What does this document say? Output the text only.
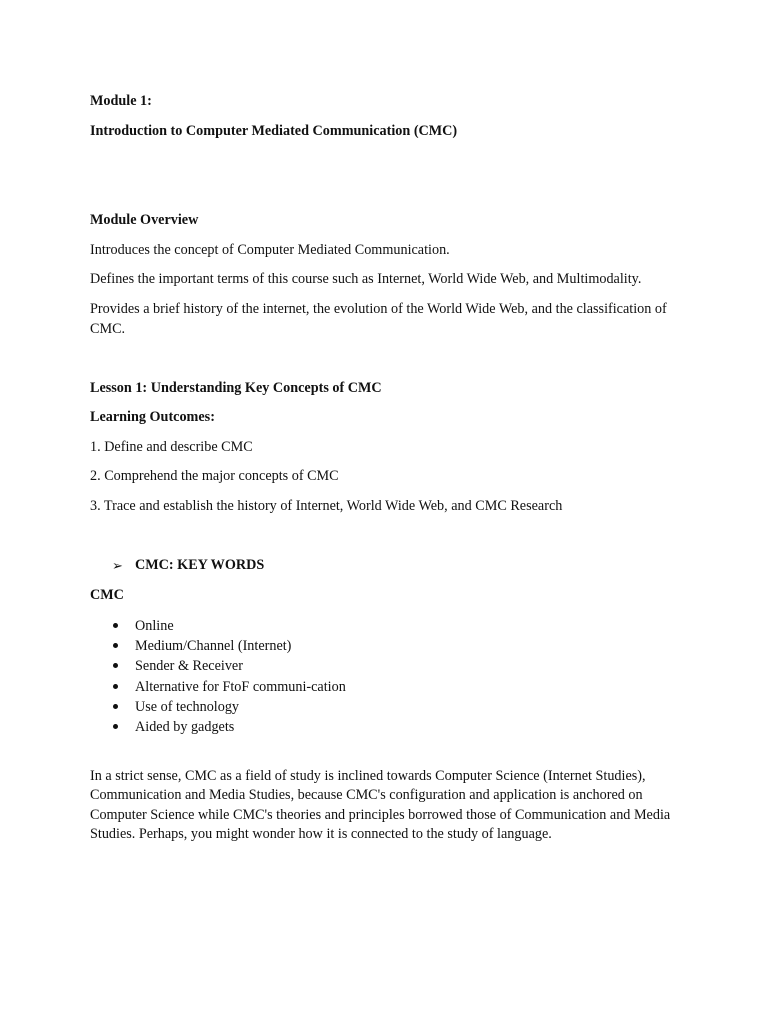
Module 1:
Introduction to Computer Mediated Communication (CMC)
Module Overview
Introduces the concept of Computer Mediated Communication.
Defines the important terms of this course such as Internet, World Wide Web, and Multimodality.
Provides a brief history of the internet, the evolution of the World Wide Web, and the classification of CMC.
Lesson 1: Understanding Key Concepts of CMC
Learning Outcomes:
1. Define and describe CMC
2. Comprehend the major concepts of CMC
3. Trace and establish the history of Internet, World Wide Web, and CMC Research
➢ CMC: KEY WORDS
CMC
Online
Medium/Channel (Internet)
Sender & Receiver
Alternative for FtoF communi-cation
Use of technology
Aided by gadgets
In a strict sense, CMC as a field of study is inclined towards Computer Science (Internet Studies), Communication and Media Studies, because CMC's configuration and application is anchored on Computer Science while CMC's theories and principles borrowed those of Communication and Media Studies. Perhaps, you might wonder how it is connected to the study of language.
